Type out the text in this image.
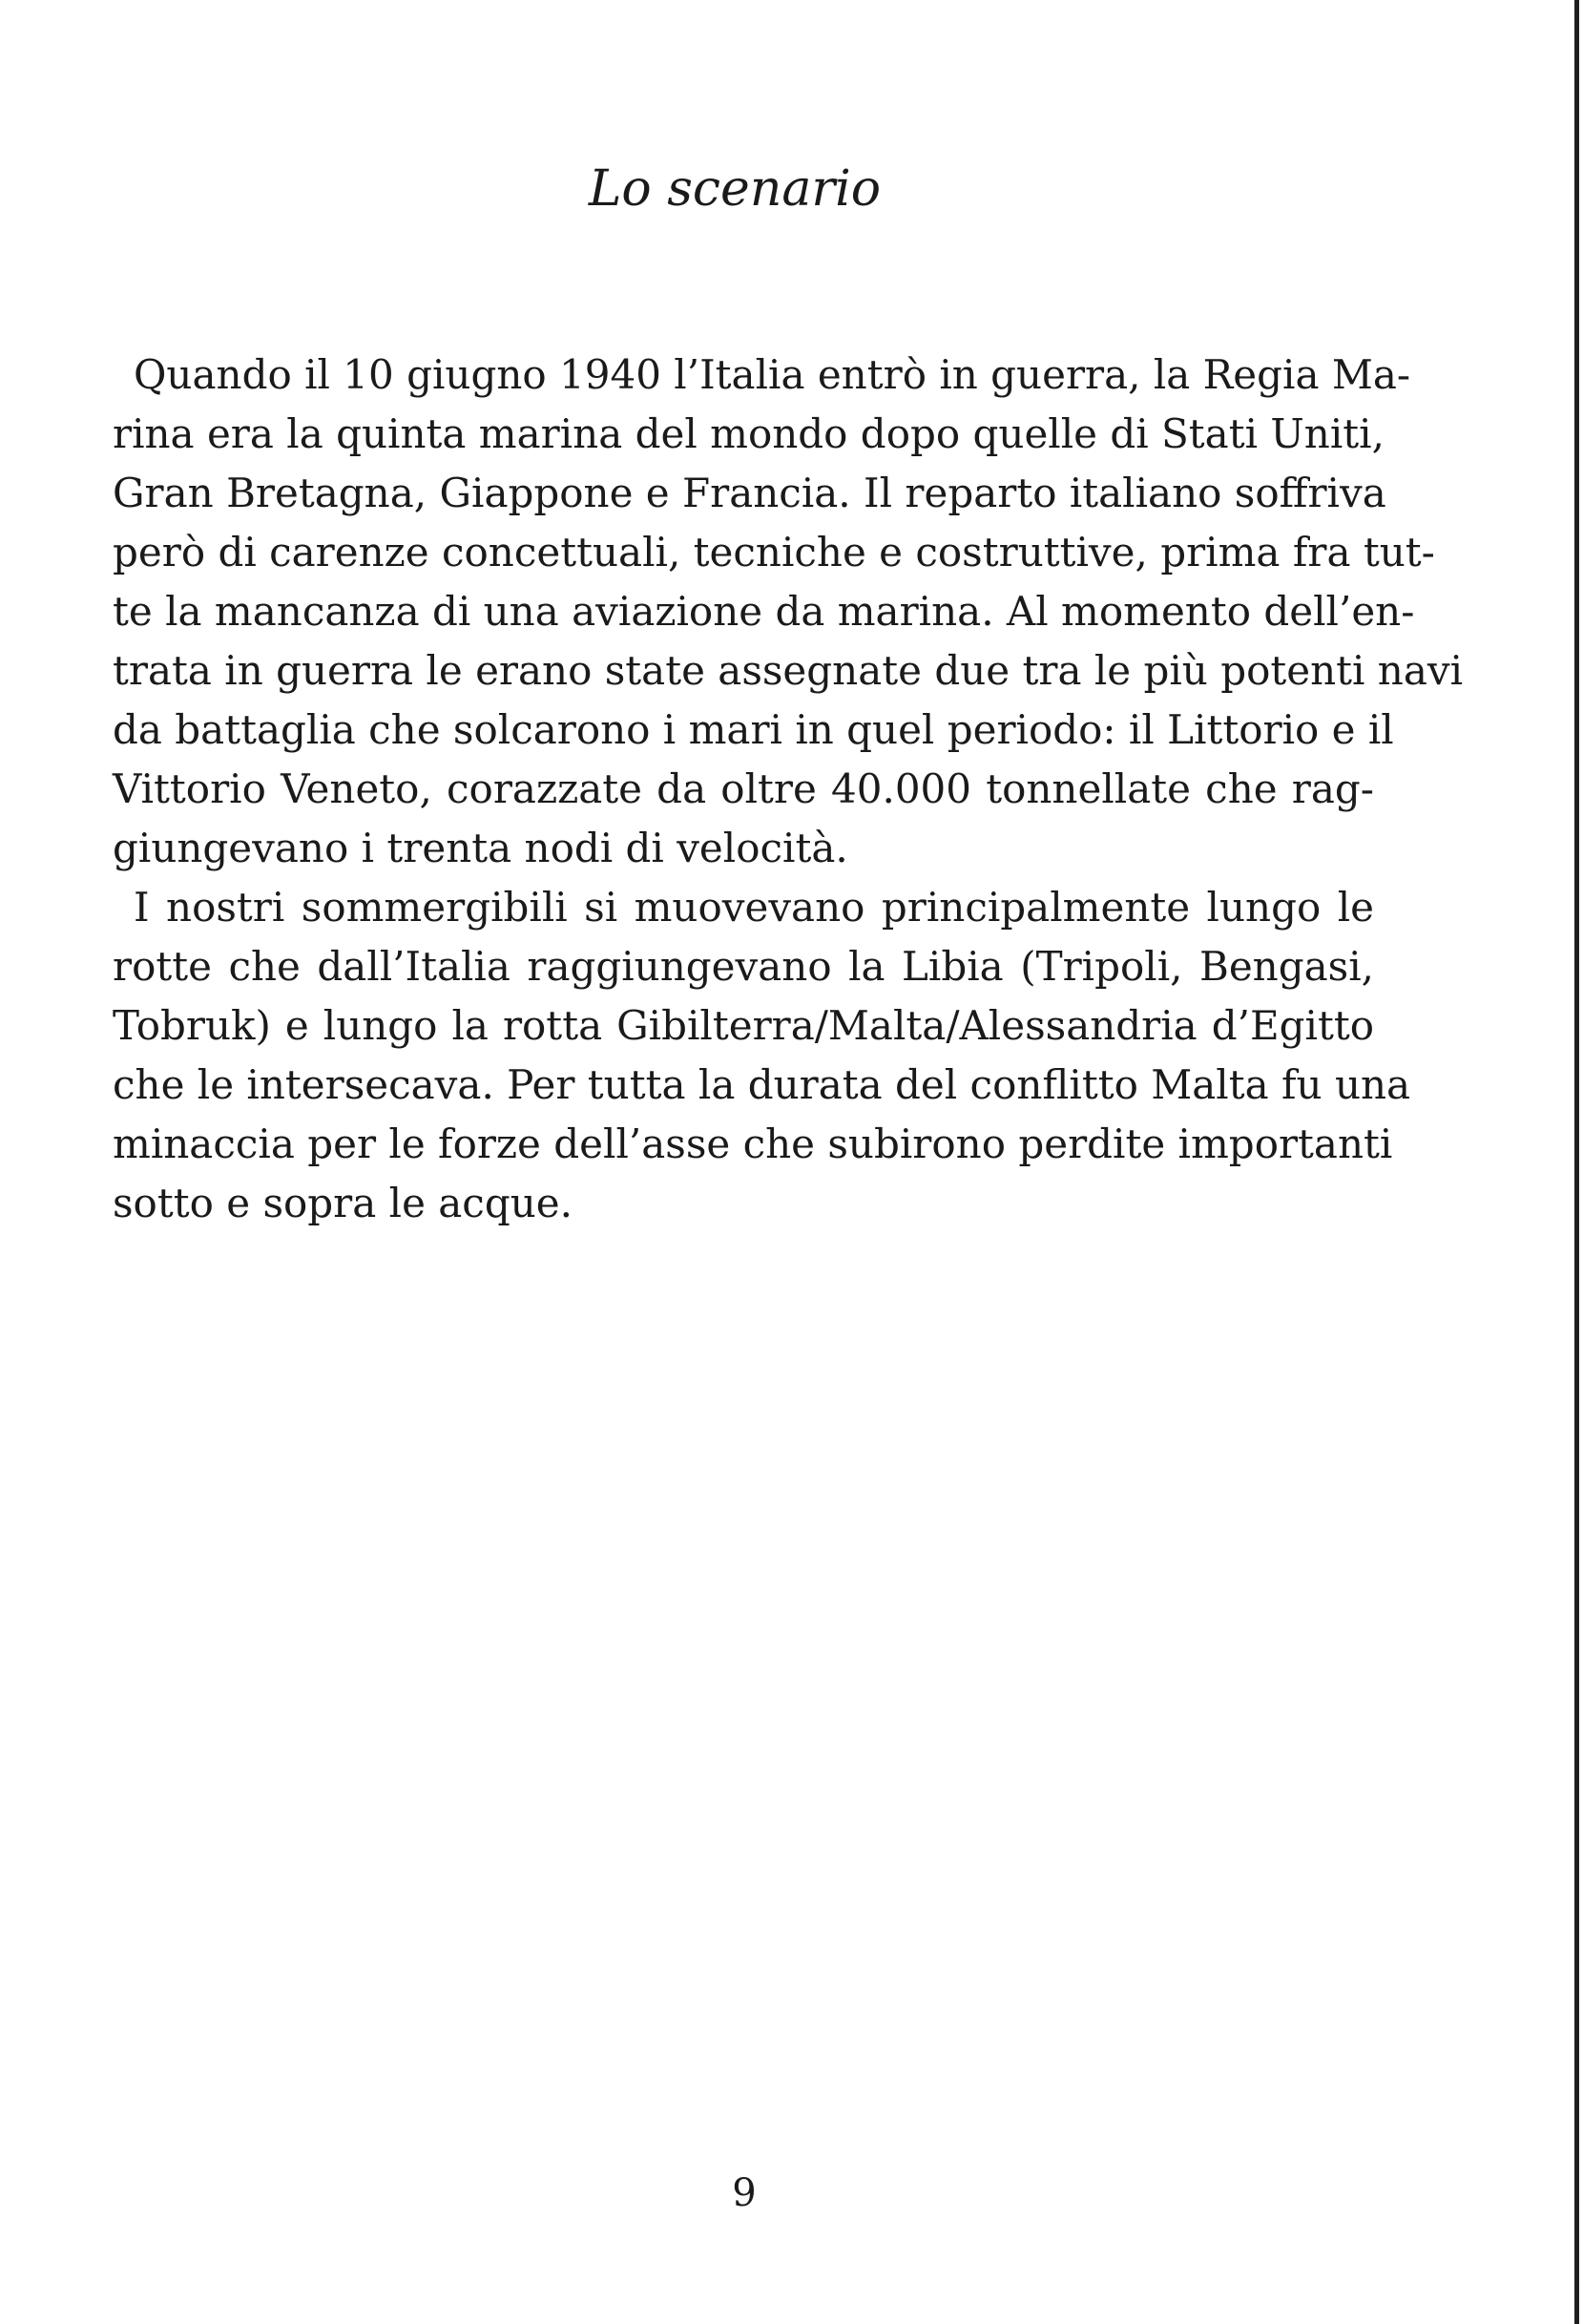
Lo scenario

Quando il 10 giugno 1940 l’Italia entrò in guerra, la Regia Ma-
rina era la quinta marina del mondo dopo quelle di Stati Uniti,
Gran Bretagna, Giappone e Francia. Il reparto italiano soffriva
però di carenze concettuali, tecniche e costruttive, prima fra tut-
te la mancanza di una aviazione da marina. Al momento dell’en-
trata in guerra le erano state assegnate due tra le più potenti navi
da battaglia che solcarono i mari in quel periodo: il Littorio e il
Vittorio Veneto, corazzate da oltre 40.000 tonnellate che rag-
giungevano i trenta nodi di velocità.

I nostri sommergibili si muovevano principalmente lungo le
rotte che dall’Italia raggiungevano la Libia (Tripoli, Bengasi,
Tobruk) e lungo la rotta Gibilterra/Malta/Alessandria d’Egitto
che le intersecava. Per tutta la durata del conflitto Malta fu una
minaccia per le forze dell’asse che subirono perdite importanti
sotto e sopra le acque.

9
